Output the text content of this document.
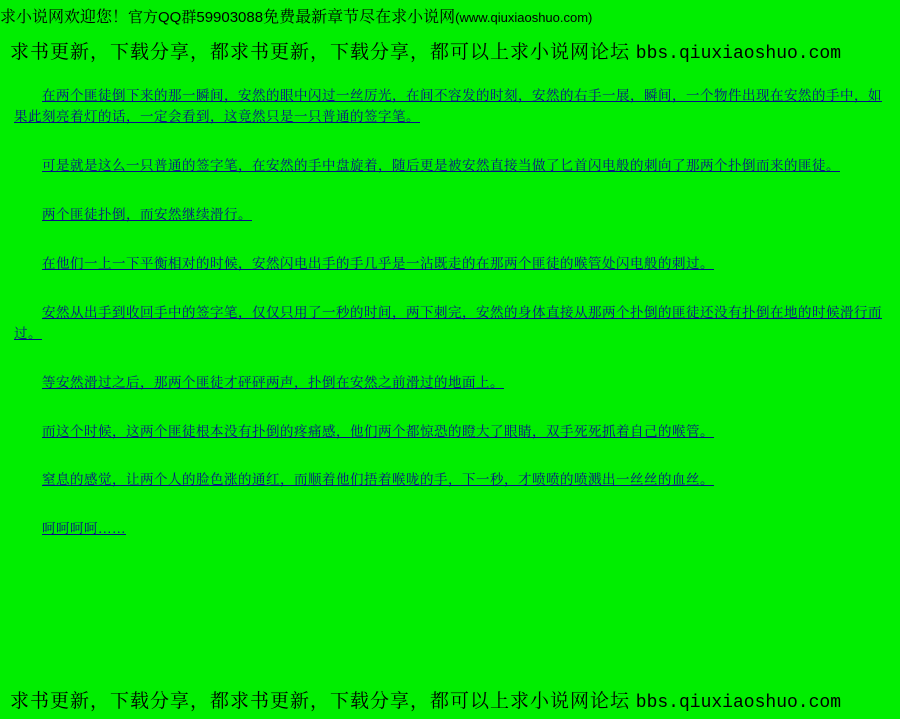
求小说网欢迎您！官方QQ群59903088免费最新章节尽在求小说网(www.qiuxiaoshuo.com)
求书更新，下载分享，都求书更新，下载分享，都可以上求小说网论坛 bbs.qiuxiaoshuo.com

在两个匪徒倒下来的那一瞬间，安然的眼中闪过一丝厉光，在间不容发的时刻，安然的右手一展，瞬间，一个物件出现在安然的手中，如果此刻亮着灯的话，一定会看到，这竟然只是一只普通的签字笔。

可是就是这么一只普通的签字笔，在安然的手中盘旋着，随后更是被安然直接当做了匕首闪电般的刺向了那两个扑倒而来的匪徒。

两个匪徒扑倒，而安然继续滑行。

在他们一上一下平衡相对的时候，安然闪电出手的手几乎是一沾既走的在那两个匪徒的喉管处闪电般的刺过。

安然从出手到收回手中的签字笔，仅仅只用了一秒的时间，两下刺完，安然的身体直接从那两个扑倒的匪徒还没有扑倒在地的时候滑行而过。

等安然滑过之后，那两个匪徒才砰砰两声，扑倒在安然之前滑过的地面上。

而这个时候，这两个匪徒根本没有扑倒的疼痛感，他们两个都惊恐的瞪大了眼睛，双手死死抓着自己的喉管。

窒息的感觉，让两个人的脸色涨的通红，而顺着他们捂着喉咙的手，下一秒，才喷喷的喷溅出一丝丝的血丝。

呵呵呵呵……

求书更新，下载分享，都求书更新，下载分享，都可以上求小说网论坛 bbs.qiuxiaoshuo.com
